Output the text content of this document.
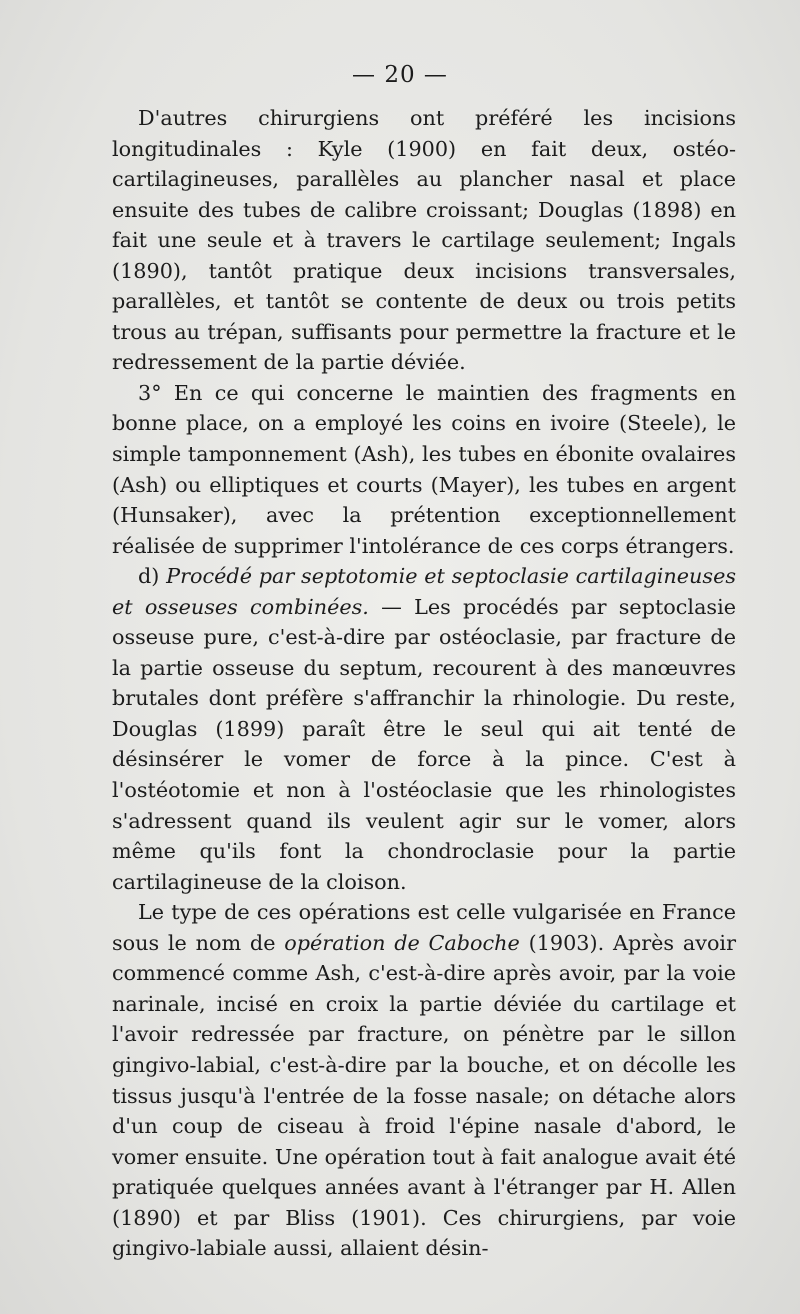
— 20 —

D'autres chirurgiens ont préféré les incisions longitudinales : Kyle (1900) en fait deux, ostéo-cartilagineuses, parallèles au plancher nasal et place ensuite des tubes de calibre croissant; Douglas (1898) en fait une seule et à travers le cartilage seulement; Ingals (1890), tantôt pratique deux incisions transversales, parallèles, et tantôt se contente de deux ou trois petits trous au trépan, suffisants pour permettre la fracture et le redressement de la partie déviée.

3° En ce qui concerne le maintien des fragments en bonne place, on a employé les coins en ivoire (Steele), le simple tamponnement (Ash), les tubes en ébonite ovalaires (Ash) ou elliptiques et courts (Mayer), les tubes en argent (Hunsaker), avec la prétention exceptionnellement réalisée de supprimer l'intolérance de ces corps étrangers.

d) Procédé par septotomie et septoclasie cartilagineuses et osseuses combinées. — Les procédés par septoclasie osseuse pure, c'est-à-dire par ostéoclasie, par fracture de la partie osseuse du septum, recourent à des manœuvres brutales dont préfère s'affranchir la rhinologie. Du reste, Douglas (1899) paraît être le seul qui ait tenté de désinsérer le vomer de force à la pince. C'est à l'ostéotomie et non à l'ostéoclasie que les rhinologistes s'adressent quand ils veulent agir sur le vomer, alors même qu'ils font la chondroclasie pour la partie cartilagineuse de la cloison.

Le type de ces opérations est celle vulgarisée en France sous le nom de opération de Caboche (1903). Après avoir commencé comme Ash, c'est-à-dire après avoir, par la voie narinale, incisé en croix la partie déviée du cartilage et l'avoir redressée par fracture, on pénètre par le sillon gingivo-labial, c'est-à-dire par la bouche, et on décolle les tissus jusqu'à l'entrée de la fosse nasale; on détache alors d'un coup de ciseau à froid l'épine nasale d'abord, le vomer ensuite. Une opération tout à fait analogue avait été pratiquée quelques années avant à l'étranger par H. Allen (1890) et par Bliss (1901). Ces chirurgiens, par voie gingivo-labiale aussi, allaient désin-
